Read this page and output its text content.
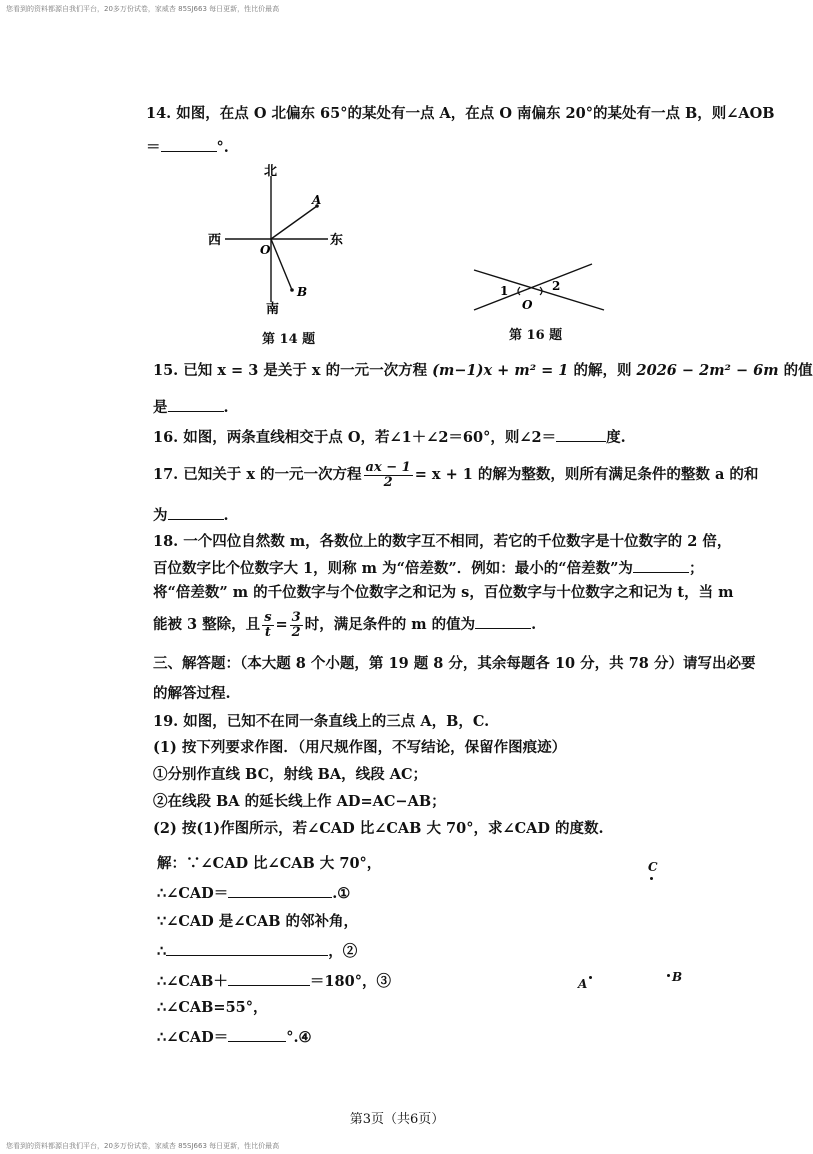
您看到的资料都源自我们平台，20多万份试卷，家威杏 85SJ663 每日更新，性比价最高
14. 如图，在点 O 北偏东 65°的某处有一点 A，在点 O 南偏东 20°的某处有一点 B，则∠AOB
＝	°.
北
南
西	东
O
A
B
第 14 题
1	2
O
第 16 题
15. 已知 x = 3 是关于 x 的一元一次方程 (m−1)x + m² = 1 的解，则 2026 − 2m² − 6m 的值
是	.
16. 如图，两条直线相交于点 O，若∠1＋∠2＝60°，则∠2＝	度.
17. 已知关于 x 的一元一次方程 $\frac{ax - 1}{2} = x + 1$ 的解为整数，则所有满足条件的整数 a 的和
为	.
18. 一个四位自然数 m，各数位上的数字互不相同，若它的千位数字是十位数字的 2 倍，
百位数字比个位数字大 1，则称 m 为“倍差数”．例如：最小的“倍差数”为	；
将“倍差数” m 的千位数字与个位数字之和记为 s，百位数字与十位数字之和记为 t，当 m
能被 3 整除，且 $\frac{s}{t} = \frac{3}{2}$ 时，满足条件的 m 的值为	.
三、解答题：（本大题 8 个小题，第 19 题 8 分，其余每题各 10 分，共 78 分）请写出必要
的解答过程.
19. 如图，已知不在同一条直线上的三点 A，B，C.
(1) 按下列要求作图．（用尺规作图，不写结论，保留作图痕迹）
①分别作直线 BC，射线 BA，线段 AC；
②在线段 BA 的延长线上作 AD=AC−AB；
(2) 按(1)作图所示，若∠CAD 比∠CAB 大 70°，求∠CAD 的度数.
解：∵∠CAD 比∠CAB 大 70°，
∴∠CAD＝	.①
∵∠CAD 是∠CAB 的邻补角，
∴	，②
∴∠CAB＋	＝180°，③
∴∠CAB=55°，
∴∠CAD＝	°.④
C
A	B
第3页（共6页）
您看到的资料都源自我们平台，20多万份试卷，家威杏 85SJ663 每日更新，性比价最高
